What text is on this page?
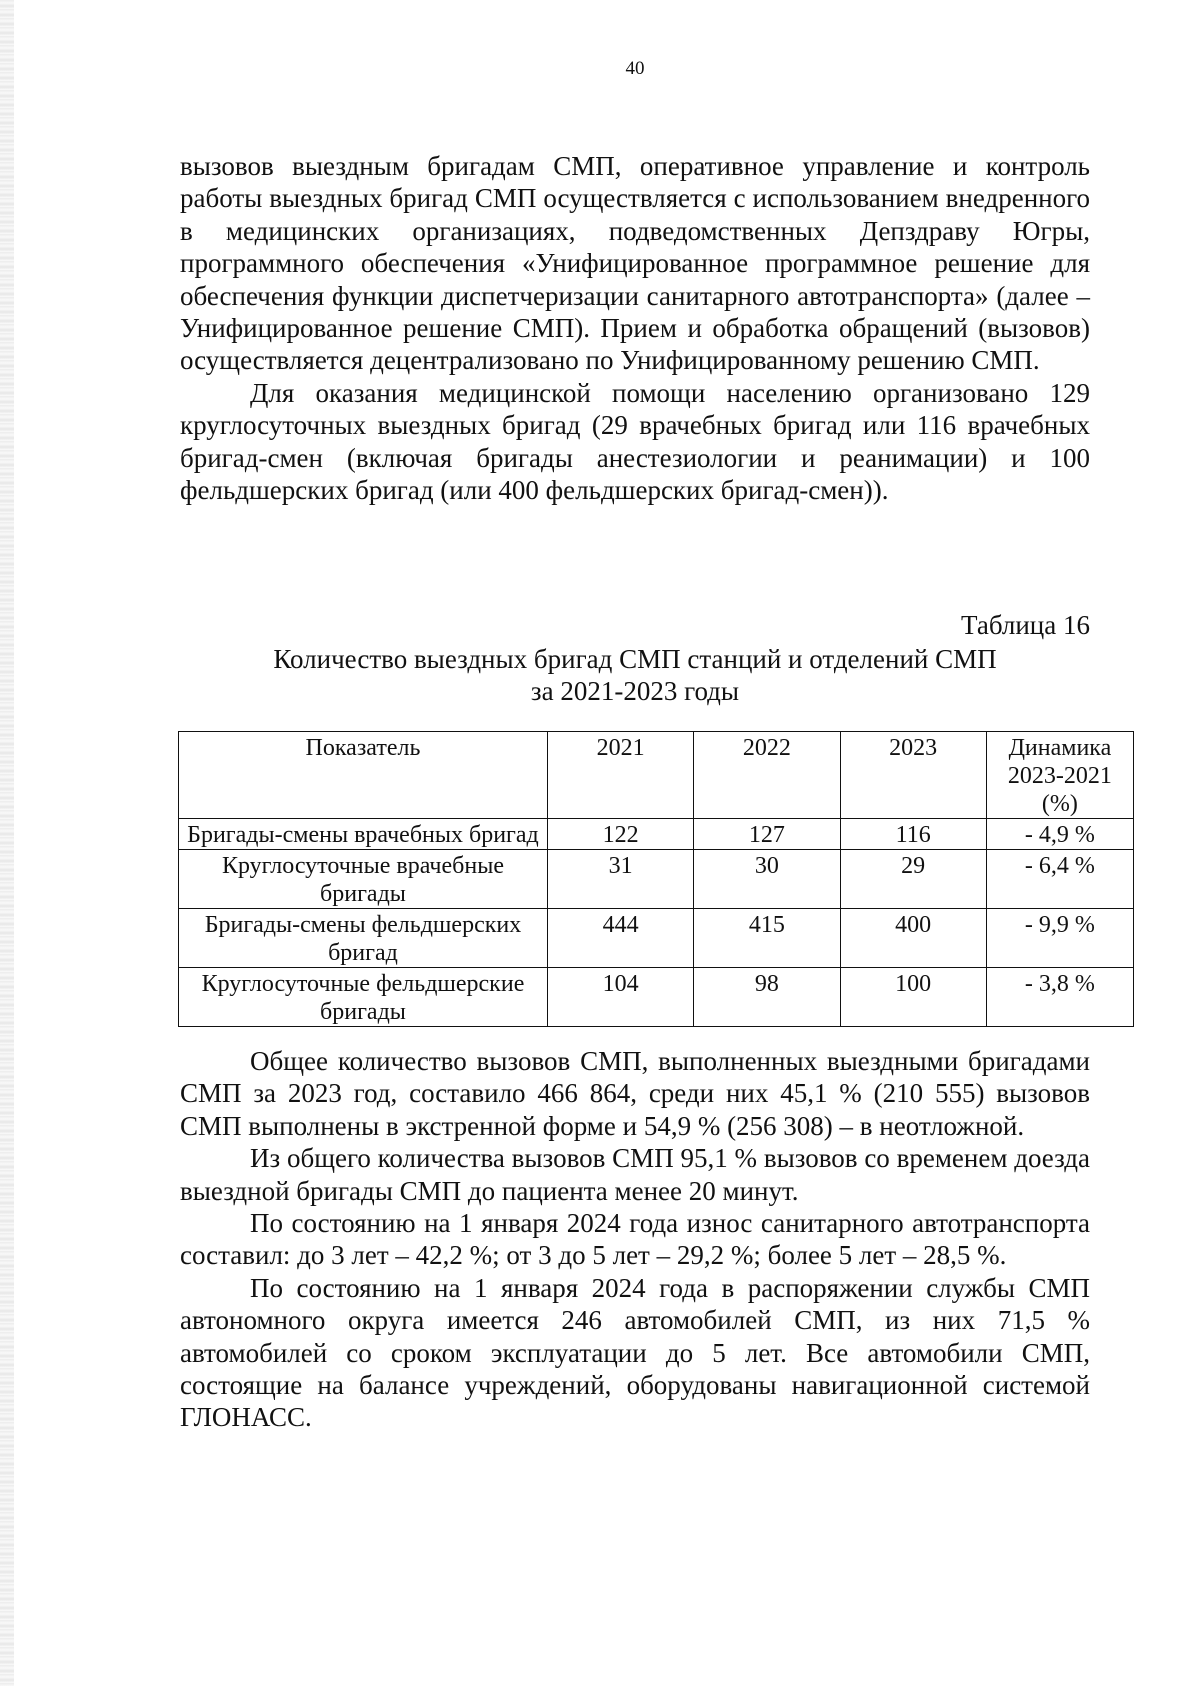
40

вызовов выездным бригадам СМП, оперативное управление и контроль работы выездных бригад СМП осуществляется с использованием внедренного в медицинских организациях, подведомственных Депздраву Югры, программного обеспечения «Унифицированное программное решение для обеспечения функции диспетчеризации санитарного автотранспорта» (далее – Унифицированное решение СМП). Прием и обработка обращений (вызовов) осуществляется децентрализовано по Унифицированному решению СМП.

Для оказания медицинской помощи населению организовано 129 круглосуточных выездных бригад (29 врачебных бригад или 116 врачебных бригад-смен (включая бригады анестезиологии и реанимации) и 100 фельдшерских бригад (или 400 фельдшерских бригад-смен)).

Таблица 16
Количество выездных бригад СМП станций и отделений СМП
за 2021-2023 годы
Показатель	2021	2022	2023	Динамика 2023-2021 (%)
Бригады-смены врачебных бригад	122	127	116	- 4,9 %
Круглосуточные врачебные бригады	31	30	29	- 6,4 %
Бригады-смены фельдшерских бригад	444	415	400	- 9,9 %
Круглосуточные фельдшерские бригады	104	98	100	- 3,8 %

Общее количество вызовов СМП, выполненных выездными бригадами СМП за 2023 год, составило 466 864, среди них 45,1 % (210 555) вызовов СМП выполнены в экстренной форме и 54,9 % (256 308) – в неотложной.

Из общего количества вызовов СМП 95,1 % вызовов со временем доезда выездной бригады СМП до пациента менее 20 минут.

По состоянию на 1 января 2024 года износ санитарного автотранспорта составил: до 3 лет – 42,2 %; от 3 до 5 лет – 29,2 %; более 5 лет – 28,5 %.

По состоянию на 1 января 2024 года в распоряжении службы СМП автономного округа имеется 246 автомобилей СМП, из них 71,5 % автомобилей со сроком эксплуатации до 5 лет. Все автомобили СМП, состоящие на балансе учреждений, оборудованы навигационной системой ГЛОНАСС.
